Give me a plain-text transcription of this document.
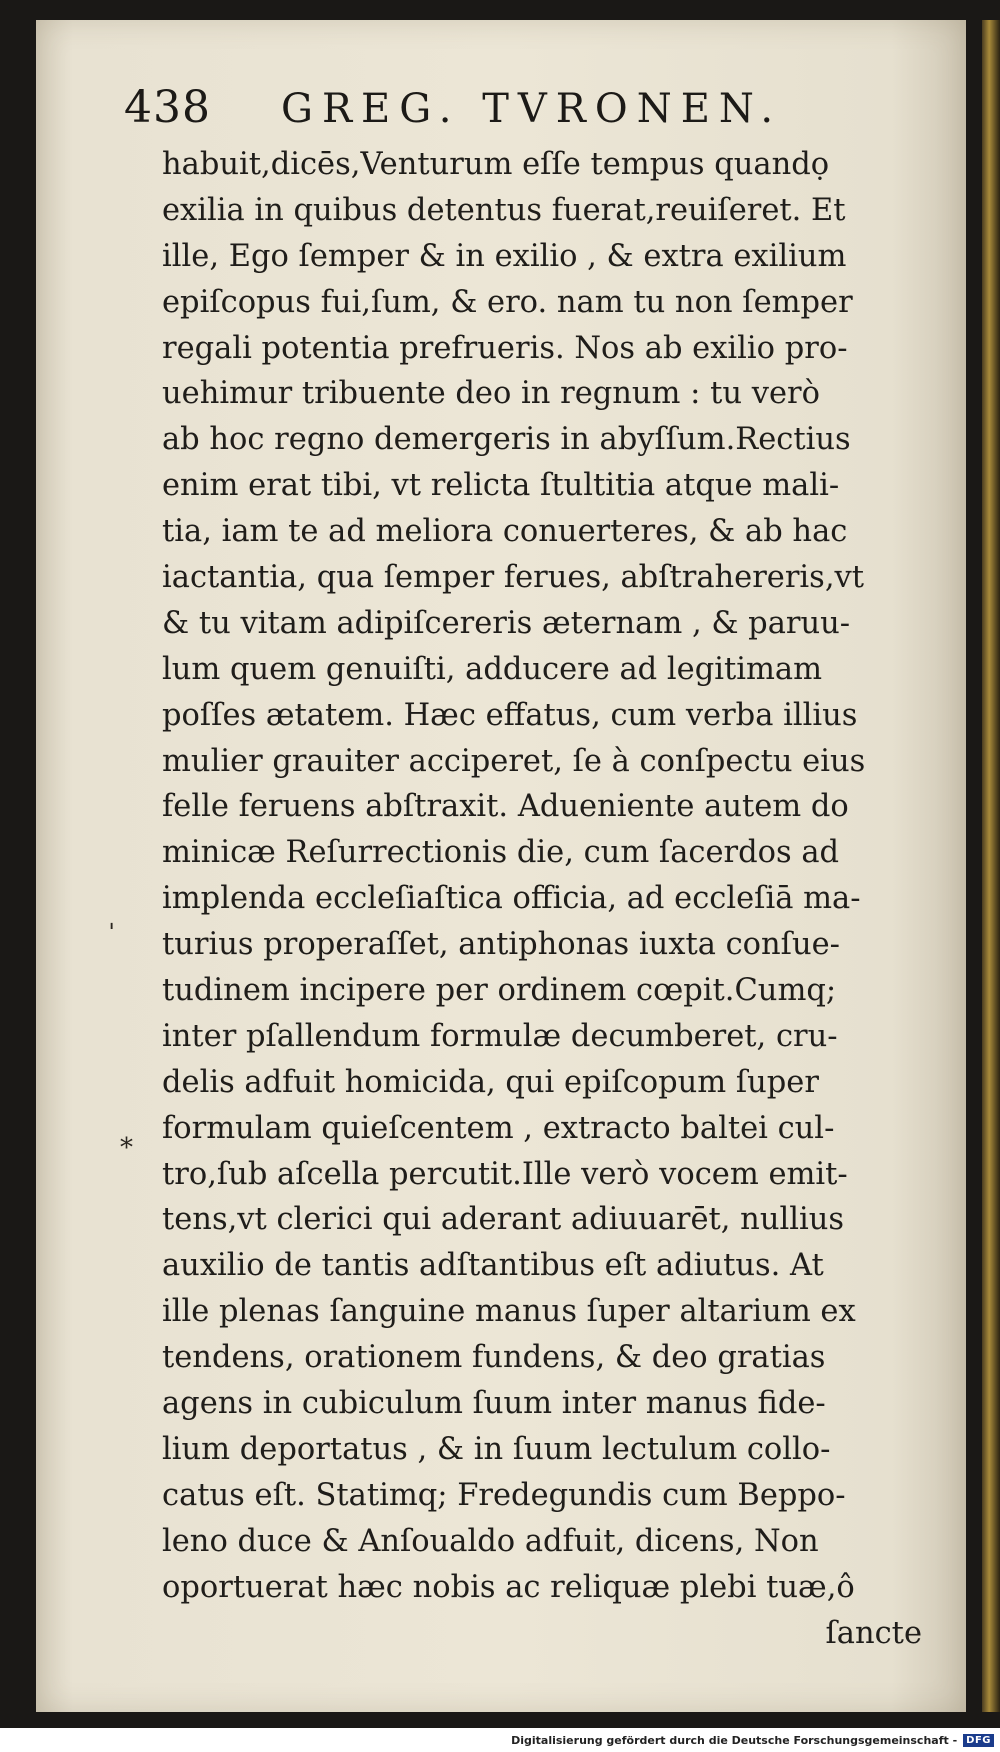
438 GREG. TVRONEN.
habuit,dicēs,Venturum eſſe tempus quandọ
exilia in quibus detentus fuerat,reuiſeret. Et
ille, Ego ſemper & in exilio , & extra exilium
epiſcopus fui,ſum, & ero. nam tu non ſemper
regali potentia prefrueris. Nos ab exilio pro-
uehimur tribuente deo in regnum : tu verò
ab hoc regno demergeris in abyſſum.Rectius
enim erat tibi, vt relicta ſtultitia atque mali-
tia, iam te ad meliora conuerteres, & ab hac
iactantia, qua ſemper ferues, abſtrahereris,vt
& tu vitam adipiſcereris æternam , & paruu-
lum quem genuiſti, adducere ad legitimam
poſſes ætatem. Hæc effatus, cum verba illius
mulier grauiter acciperet, ſe à conſpectu eius
felle feruens abſtraxit. Adueniente autem do
minicæ Reſurrectionis die, cum ſacerdos ad
implenda eccleſiaſtica officia, ad eccleſiā ma-
turius properaſſet, antiphonas iuxta conſue-
tudinem incipere per ordinem cœpit.Cumq;
inter pſallendum formulæ decumberet, cru-
delis adfuit homicida, qui epiſcopum ſuper
formulam quieſcentem , extracto baltei cul-
tro,ſub aſcella percutit.Ille verò vocem emit-
tens,vt clerici qui aderant adiuuarēt, nullius
auxilio de tantis adſtantibus eſt adiutus. At
ille plenas ſanguine manus ſuper altarium ex
tendens, orationem fundens, & deo gratias
agens in cubiculum ſuum inter manus fide-
lium deportatus , & in ſuum lectulum collo-
catus eſt. Statimq; Fredegundis cum Beppo-
leno duce & Anſoualdo adfuit, dicens, Non
oportuerat hæc nobis ac reliquæ plebi tuæ,ô
ſancte
⁎
ˈ
Digitalisierung gefördert durch die Deutsche Forschungsgemeinschaft - DFG
